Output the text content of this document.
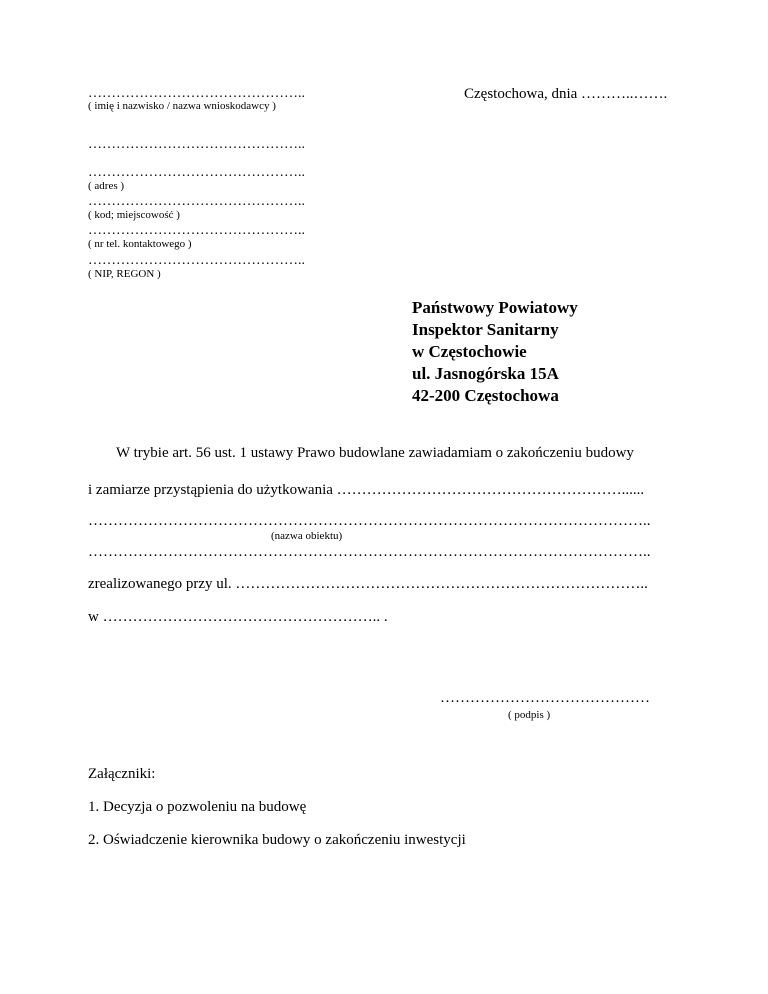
………………………………………..
( imię i nazwisko / nazwa wnioskodawcy )
………………………………………..
………………………………………..
( adres )
………………………………………..
( kod; miejscowość )
………………………………………..
( nr tel. kontaktowego )
………………………………………..
( NIP, REGON )
Częstochowa, dnia ………..…….
Państwowy Powiatowy
Inspektor Sanitarny
w Częstochowie
ul. Jasnogórska 15A
42-200 Częstochowa
W trybie art. 56 ust. 1 ustawy Prawo budowlane zawiadamiam o zakończeniu budowy
i zamiarze przystąpienia do użytkowania …………………………………………………......
…………………………………………………………………………………………………..
(nazwa obiektu)
…………………………………………………………………………………………………..
zrealizowanego przy ul. ………………………………………………………………………..
w ……………………………………………….. .
……………………………………
( podpis )
Załączniki:
1. Decyzja o pozwoleniu na budowę
2. Oświadczenie kierownika budowy o zakończeniu inwestycji
